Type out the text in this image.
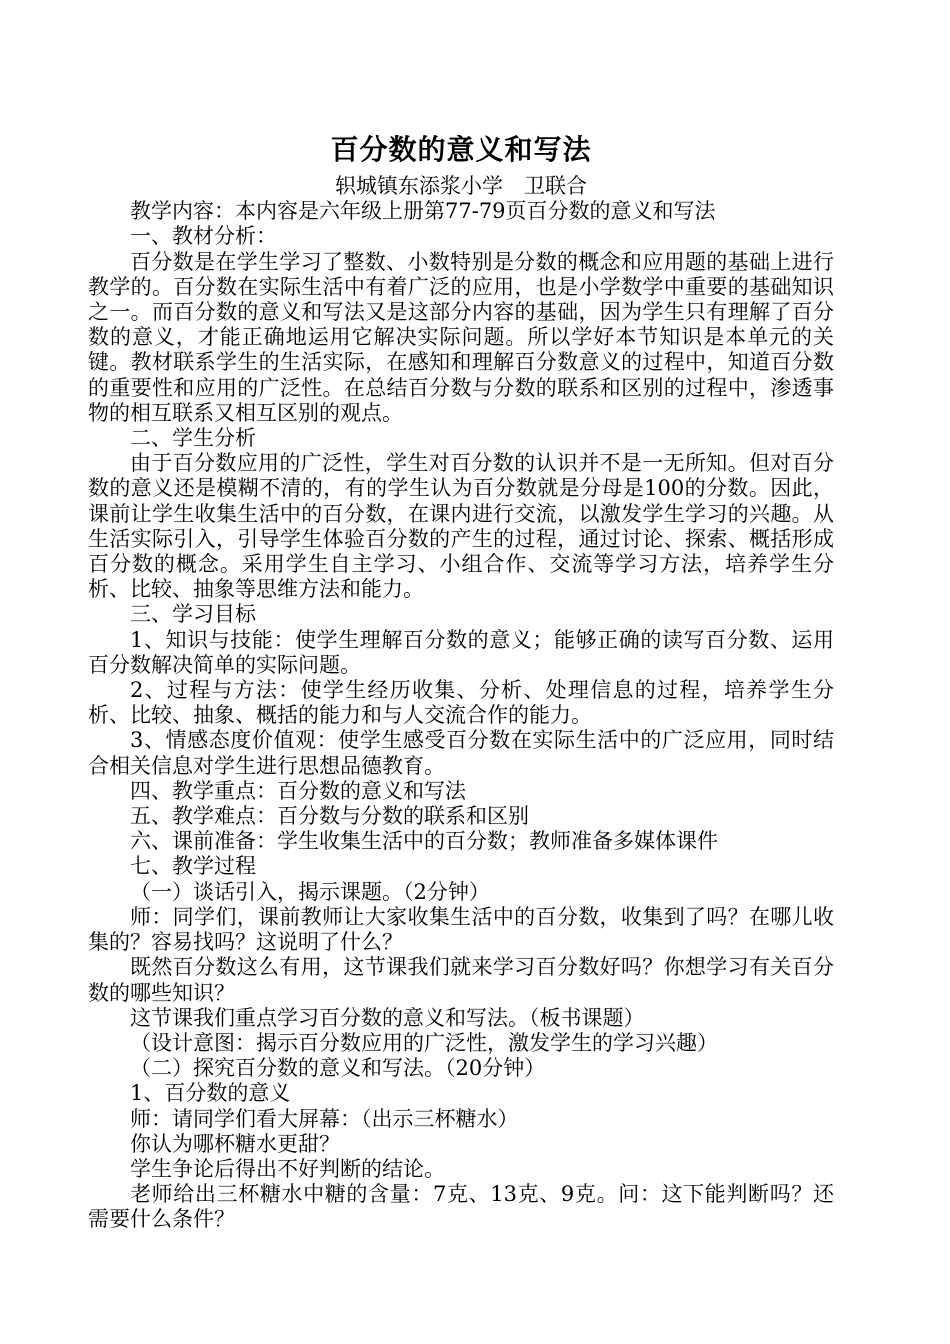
百分数的意义和写法
轵城镇东添浆小学　卫联合

教学内容：本内容是六年级上册第77-79页百分数的意义和写法

一、教材分析：

百分数是在学生学习了整数、小数特别是分数的概念和应用题的基础上进行教学的。百分数在实际生活中有着广泛的应用，也是小学数学中重要的基础知识之一。而百分数的意义和写法又是这部分内容的基础，因为学生只有理解了百分数的意义，才能正确地运用它解决实际问题。所以学好本节知识是本单元的关键。教材联系学生的生活实际，在感知和理解百分数意义的过程中，知道百分数的重要性和应用的广泛性。在总结百分数与分数的联系和区别的过程中，渗透事物的相互联系又相互区别的观点。

二、学生分析

由于百分数应用的广泛性，学生对百分数的认识并不是一无所知。但对百分数的意义还是模糊不清的，有的学生认为百分数就是分母是100的分数。因此，课前让学生收集生活中的百分数，在课内进行交流，以激发学生学习的兴趣。从生活实际引入，引导学生体验百分数的产生的过程，通过讨论、探索、概括形成百分数的概念。采用学生自主学习、小组合作、交流等学习方法，培养学生分析、比较、抽象等思维方法和能力。

三、学习目标

1、知识与技能：使学生理解百分数的意义；能够正确的读写百分数、运用百分数解决简单的实际问题。

2、过程与方法：使学生经历收集、分析、处理信息的过程，培养学生分析、比较、抽象、概括的能力和与人交流合作的能力。

3、情感态度价值观：使学生感受百分数在实际生活中的广泛应用，同时结合相关信息对学生进行思想品德教育。

四、教学重点：百分数的意义和写法

五、教学难点：百分数与分数的联系和区别

六、课前准备：学生收集生活中的百分数；教师准备多媒体课件

七、教学过程

（一）谈话引入，揭示课题。（2分钟）

师：同学们，课前教师让大家收集生活中的百分数，收集到了吗？在哪儿收集的？容易找吗？这说明了什么？

既然百分数这么有用，这节课我们就来学习百分数好吗？你想学习有关百分数的哪些知识？

这节课我们重点学习百分数的意义和写法。（板书课题）

（设计意图：揭示百分数应用的广泛性，激发学生的学习兴趣）

（二）探究百分数的意义和写法。（20分钟）

1、百分数的意义

师：请同学们看大屏幕：（出示三杯糖水）

你认为哪杯糖水更甜？

学生争论后得出不好判断的结论。

老师给出三杯糖水中糖的含量：7克、13克、9克。问：这下能判断吗？还需要什么条件？
